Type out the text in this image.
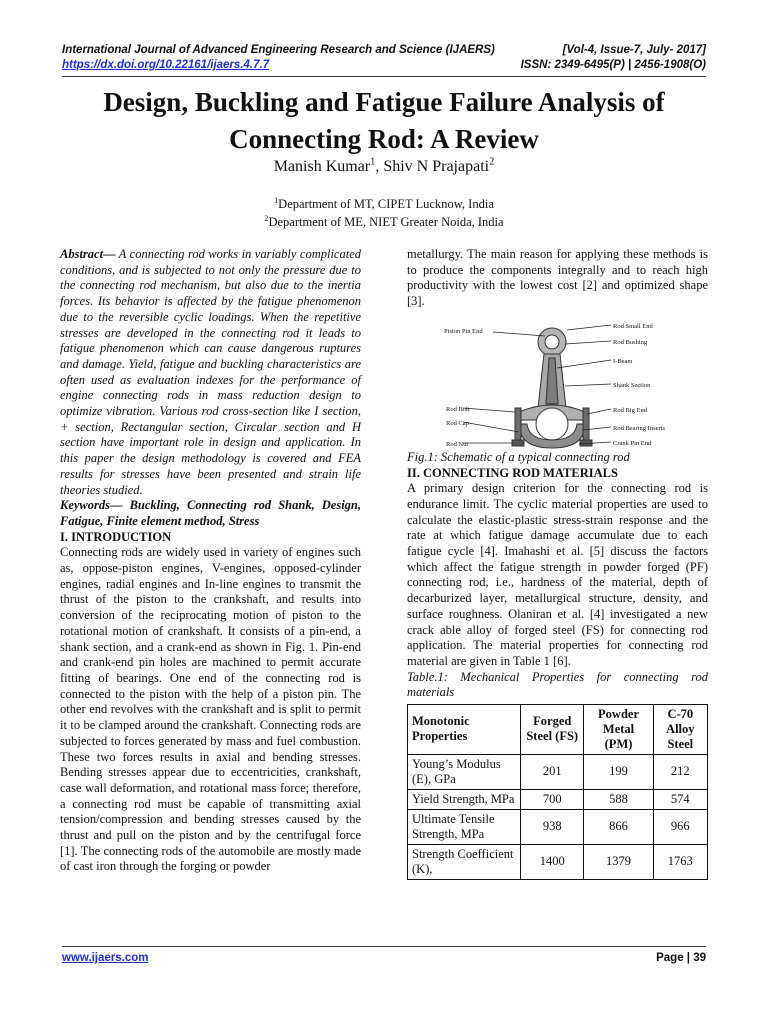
International Journal of Advanced Engineering Research and Science (IJAERS)	[Vol-4, Issue-7, July- 2017]
https://dx.doi.org/10.22161/ijaers.4.7.7	ISSN: 2349-6495(P) | 2456-1908(O)
Design, Buckling and Fatigue Failure Analysis of
Connecting Rod: A Review
Manish Kumar$^1$, Shiv N Prajapati$^2$
$^1$Department of MT, CIPET Lucknow, India
$^2$Department of ME, NIET Greater Noida, India

Abstract— A connecting rod works in variably complicated conditions, and is subjected to not only the pressure due to the connecting rod mechanism, but also due to the inertia forces. Its behavior is affected by the fatigue phenomenon due to the reversible cyclic loadings. When the repetitive stresses are developed in the connecting rod it leads to fatigue phenomenon which can cause dangerous ruptures and damage. Yield, fatigue and buckling characteristics are often used as evaluation indexes for the performance of engine connecting rods in mass reduction design to optimize vibration. Various rod cross-section like I section, + section, Rectangular section, Circular section and H section have important role in design and application. In this paper the design methodology is covered and FEA results for stresses have been presented and strain life theories studied.

Keywords— Buckling, Connecting rod Shank, Design, Fatigue, Finite element method, Stress

I. INTRODUCTION

Connecting rods are widely used in variety of engines such as, oppose-piston engines, V-engines, opposed-cylinder engines, radial engines and In-line engines to transmit the thrust of the piston to the crankshaft, and results into conversion of the reciprocating motion of piston to the rotational motion of crankshaft. It consists of a pin-end, a shank section, and a crank-end as shown in Fig. 1. Pin-end and crank-end pin holes are machined to permit accurate fitting of bearings. One end of the connecting rod is connected to the piston with the help of a piston pin. The other end revolves with the crankshaft and is split to permit it to be clamped around the crankshaft. Connecting rods are subjected to forces generated by mass and fuel combustion. These two forces results in axial and bending stresses. Bending stresses appear due to eccentricities, crankshaft, case wall deformation, and rotational mass force; therefore, a connecting rod must be capable of transmitting axial tension/compression and bending stresses caused by the thrust and pull on the piston and by the centrifugal force [1]. The connecting rods of the automobile are mostly made of cast iron through the forging or powder

metallurgy. The main reason for applying these methods is to produce the components integrally and to reach high productivity with the lowest cost [2] and optimized shape [3].

Piston Pin End
Rod Small End
Rod Bushing
I-Beam
Shank Section
Rod Bolt	Rod Big End
Rod Cap
Rod Bearing Inserts
Rod Nut	Crank Pin End

Fig.1: Schematic of a typical connecting rod

II. CONNECTING ROD MATERIALS

A primary design criterion for the connecting rod is endurance limit. The cyclic material properties are used to calculate the elastic-plastic stress-strain response and the rate at which fatigue damage accumulate due to each fatigue cycle [4]. Imahashi et al. [5] discuss the factors which affect the fatigue strength in powder forged (PF) connecting rod, i.e., hardness of the material, depth of decarburized layer, metallurgical structure, density, and surface roughness. Olaniran et al. [4] investigated a new crack able alloy of forged steel (FS) for connecting rod application. The material properties for connecting rod material are given in Table 1 [6].

Table.1: Mechanical Properties for connecting rod materials

Monotonic Properties	Forged Steel (FS)	Powder Metal (PM)	C-70 Alloy Steel
Young’s Modulus (E), GPa	201	199	212
Yield Strength, MPa	700	588	574
Ultimate Tensile Strength, MPa	938	866	966
Strength Coefficient (K),	1400	1379	1763
www.ijaers.com	Page | 39
